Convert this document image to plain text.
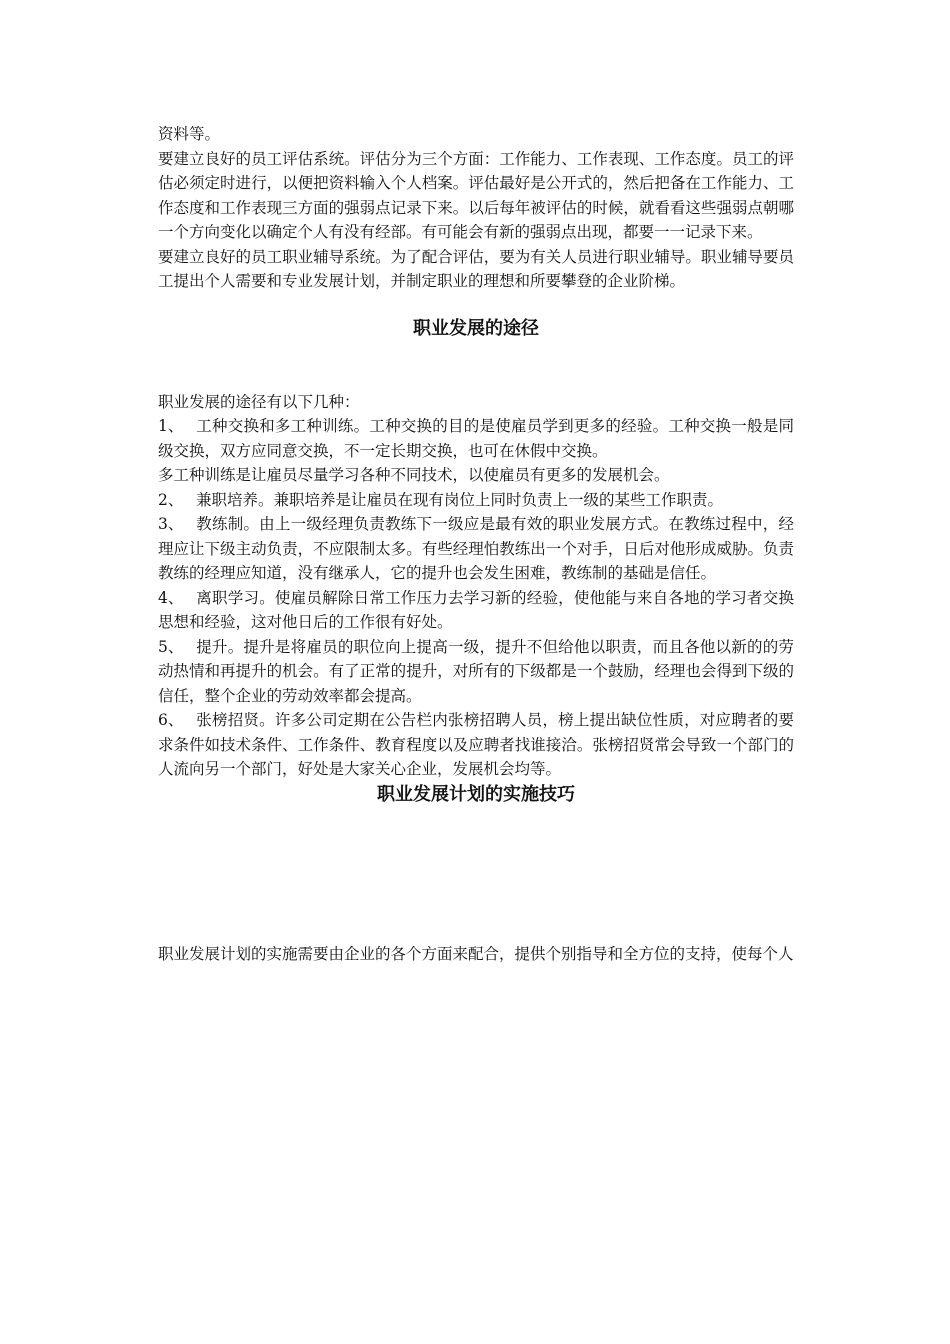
资料等。

要建立良好的员工评估系统。评估分为三个方面：工作能力、工作表现、工作态度。员工的评估必须定时进行，以便把资料输入个人档案。评估最好是公开式的，然后把备在工作能力、工作态度和工作表现三方面的强弱点记录下来。以后每年被评估的时候，就看看这些强弱点朝哪一个方向变化以确定个人有没有经部。有可能会有新的强弱点出现，都要一一记录下来。

要建立良好的员工职业辅导系统。为了配合评估，要为有关人员进行职业辅导。职业辅导要员工提出个人需要和专业发展计划，并制定职业的理想和所要攀登的企业阶梯。

职业发展的途径

职业发展的途径有以下几种：

1、 工种交换和多工种训练。工种交换的目的是使雇员学到更多的经验。工种交换一般是同级交换，双方应同意交换，不一定长期交换，也可在休假中交换。

多工种训练是让雇员尽量学习各种不同技术，以使雇员有更多的发展机会。

2、 兼职培养。兼职培养是让雇员在现有岗位上同时负责上一级的某些工作职责。

3、 教练制。由上一级经理负责教练下一级应是最有效的职业发展方式。在教练过程中，经理应让下级主动负责，不应限制太多。有些经理怕教练出一个对手，日后对他形成威胁。负责教练的经理应知道，没有继承人，它的提升也会发生困难，教练制的基础是信任。

4、 离职学习。使雇员解除日常工作压力去学习新的经验，使他能与来自各地的学习者交换思想和经验，这对他日后的工作很有好处。

5、 提升。提升是将雇员的职位向上提高一级，提升不但给他以职责，而且各他以新的的劳动热情和再提升的机会。有了正常的提升，对所有的下级都是一个鼓励，经理也会得到下级的信任，整个企业的劳动效率都会提高。

6、 张榜招贤。许多公司定期在公告栏内张榜招聘人员，榜上提出缺位性质，对应聘者的要求条件如技术条件、工作条件、教育程度以及应聘者找谁接洽。张榜招贤常会导致一个部门的人流向另一个部门，好处是大家关心企业，发展机会均等。

职业发展计划的实施技巧
职业发展计划的实施需要由企业的各个方面来配合，提供个别指导和全方位的支持，使每个人
